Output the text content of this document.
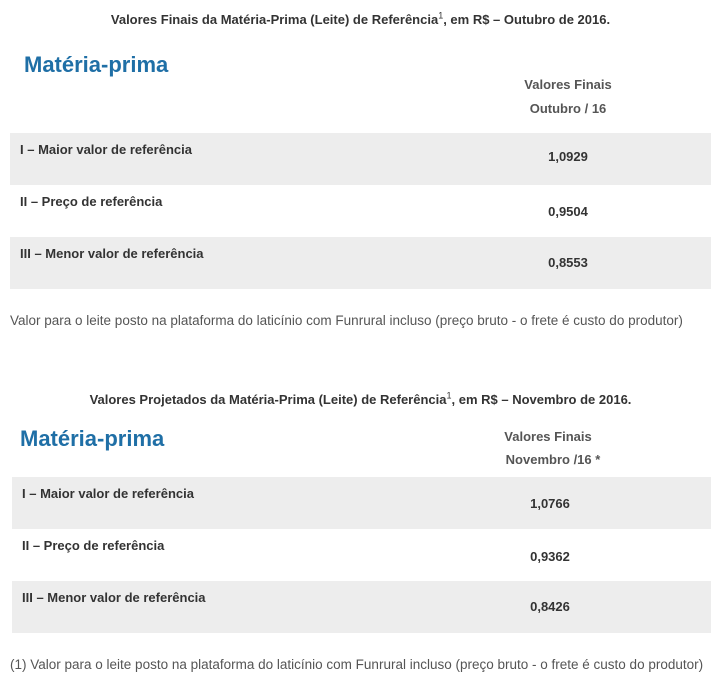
Valores Finais da Matéria-Prima (Leite) de Referência$^1$, em R$ – Outubro de 2016.
Matéria-prima
Valores Finais
Outubro / 16
I – Maior valor de referência	1,0929
II – Preço de referência
0,9504
III – Menor valor de referência
0,8553
Valor para o leite posto na plataforma do laticínio com Funrural incluso (preço bruto - o frete é custo do produtor)
Valores Projetados da Matéria-Prima (Leite) de Referência$^1$, em R$ – Novembro de 2016.
Matéria-prima	Valores Finais
Novembro /16 *
I – Maior valor de referência
1,0766
II – Preço de referência
0,9362
III – Menor valor de referência
0,8426
(1) Valor para o leite posto na plataforma do laticínio com Funrural incluso (preço bruto - o frete é custo do produtor)
